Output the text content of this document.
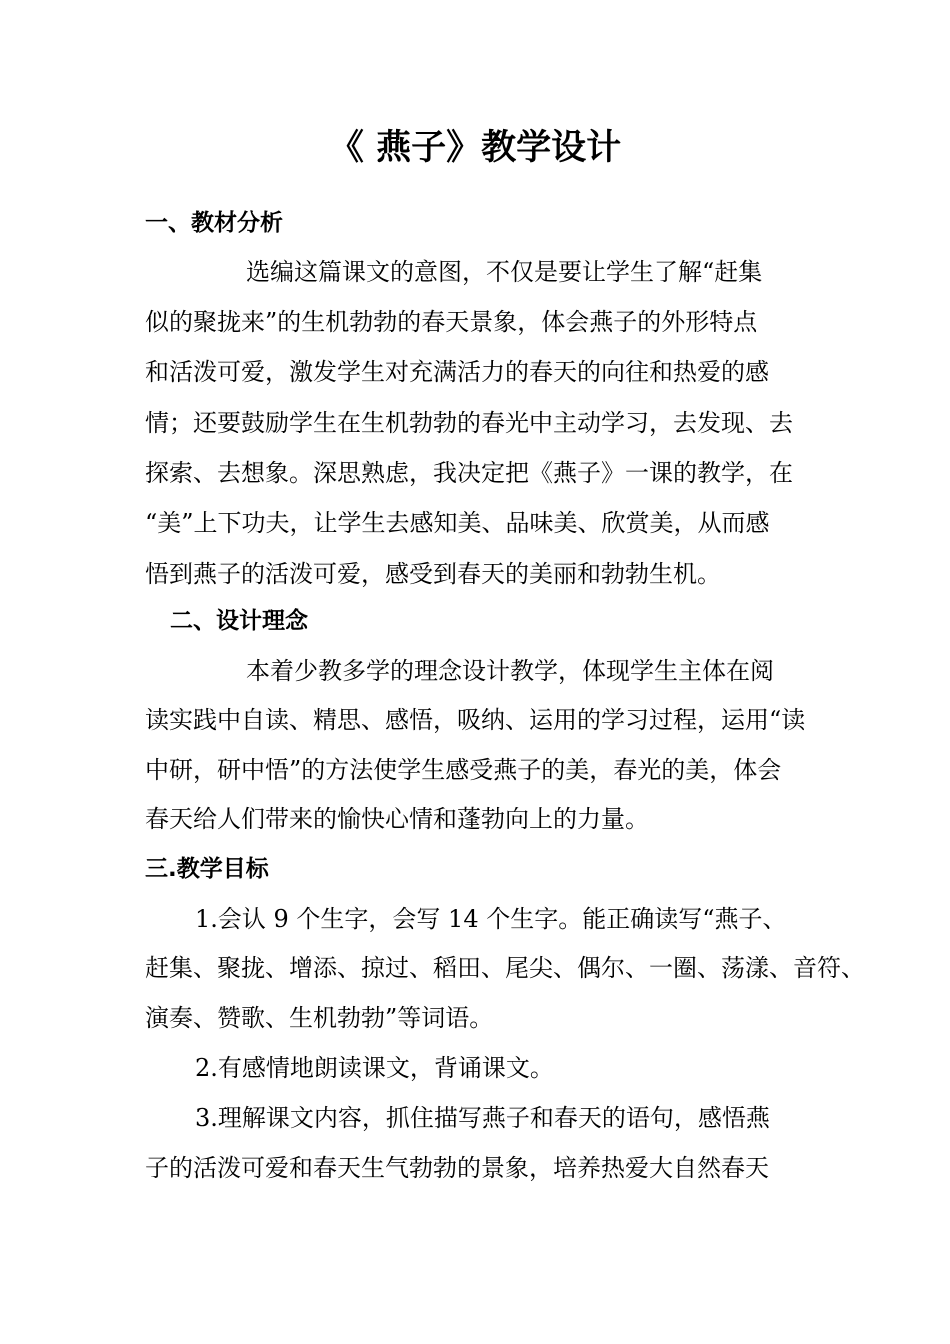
《 燕子》教学设计
一、教材分析
选编这篇课文的意图，不仅是要让学生了解“赶集
似的聚拢来”的生机勃勃的春天景象，体会燕子的外形特点
和活泼可爱，激发学生对充满活力的春天的向往和热爱的感
情；还要鼓励学生在生机勃勃的春光中主动学习，去发现、去
探索、去想象。深思熟虑，我决定把《燕子》一课的教学，在
“美”上下功夫，让学生去感知美、品味美、欣赏美，从而感
悟到燕子的活泼可爱，感受到春天的美丽和勃勃生机。
二、设计理念
本着少教多学的理念设计教学，体现学生主体在阅
读实践中自读、精思、感悟，吸纳、运用的学习过程，运用“读
中研，研中悟”的方法使学生感受燕子的美，春光的美，体会
春天给人们带来的愉快心情和蓬勃向上的力量。
三.教学目标
1.会认 9 个生字，会写 14 个生字。能正确读写“燕子、
赶集、聚拢、增添、掠过、稻田、尾尖、偶尔、一圈、荡漾、音符、
演奏、赞歌、生机勃勃”等词语。
2.有感情地朗读课文，背诵课文。
3.理解课文内容，抓住描写燕子和春天的语句，感悟燕
子的活泼可爱和春天生气勃勃的景象，培养热爱大自然春天
